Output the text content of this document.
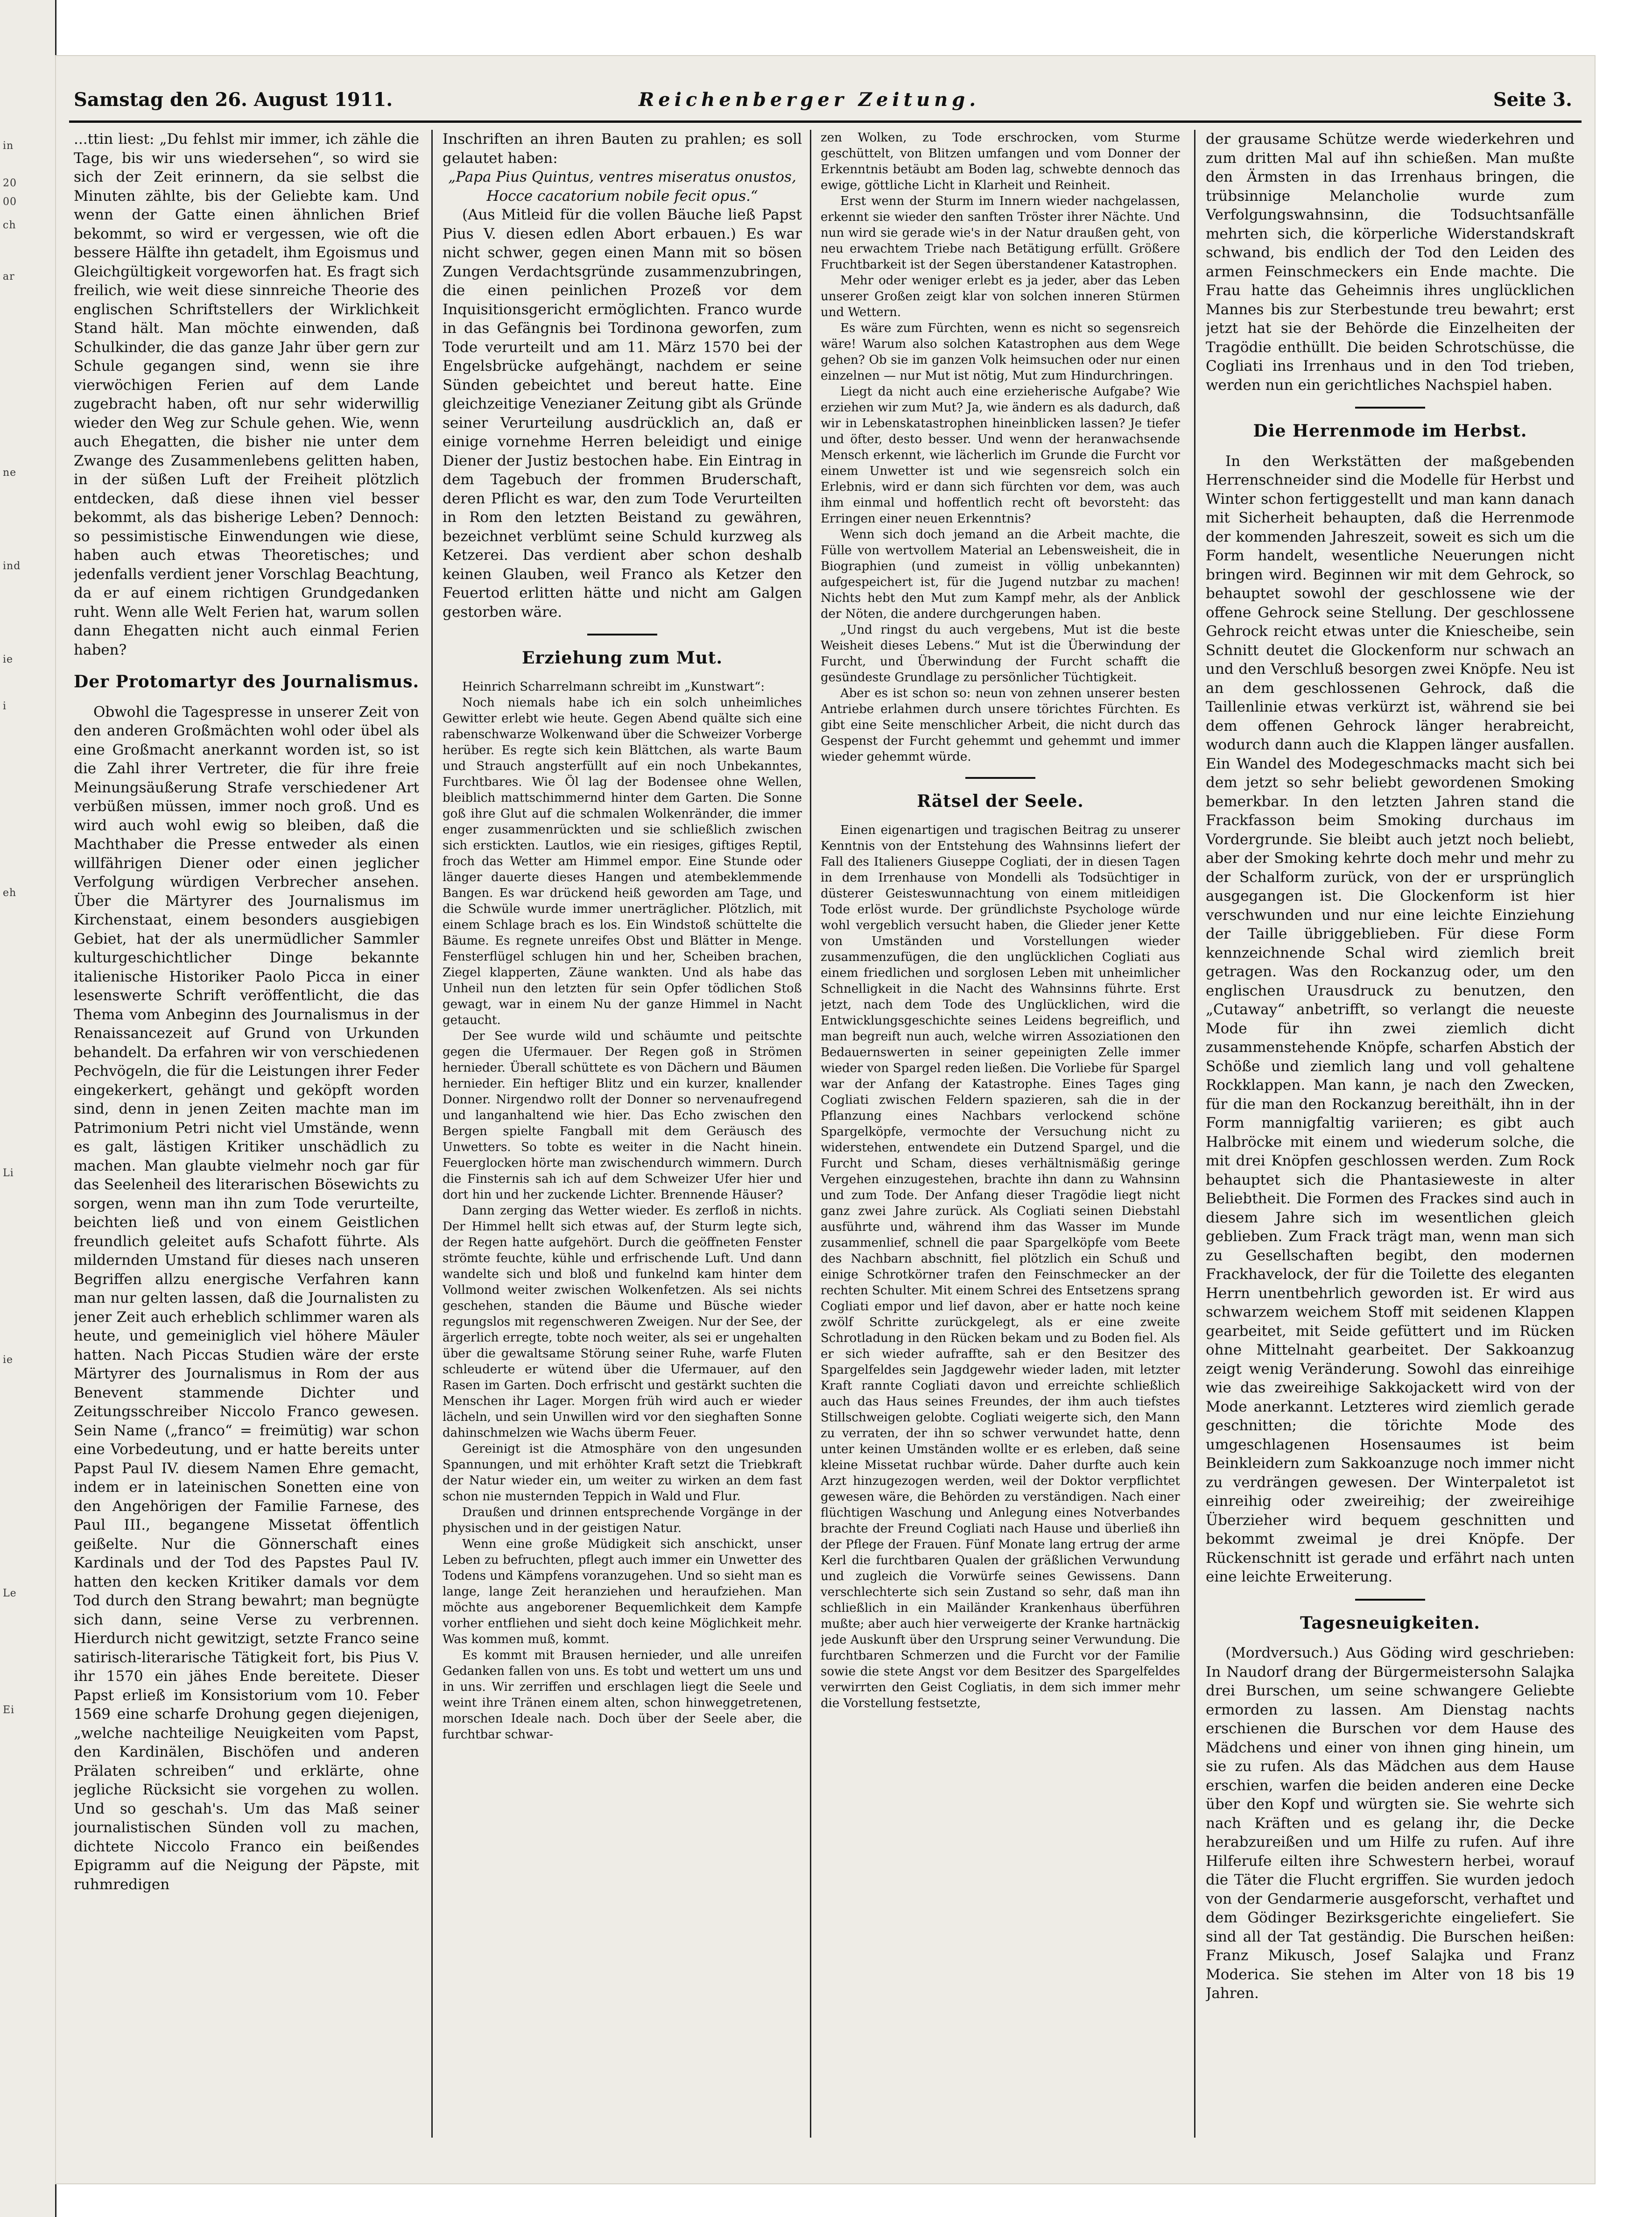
in
20
00
ch
ar
ne
ind
ie
i
eh
Li
ie
Le
Ei
Samstag den 26. August 1911.	Reichenberger Zeitung.	Seite 3.

...ttin liest: „Du fehlst mir immer, ich zähle die Tage, bis wir uns wiedersehen“, so wird sie sich der Zeit erinnern, da sie selbst die Minuten zählte, bis der Geliebte kam. Und wenn der Gatte einen ähnlichen Brief bekommt, so wird er vergessen, wie oft die bessere Hälfte ihn getadelt, ihm Egoismus und Gleichgültigkeit vorgeworfen hat. Es fragt sich freilich, wie weit diese sinnreiche Theorie des englischen Schriftstellers der Wirklichkeit Stand hält. Man möchte einwenden, daß Schulkinder, die das ganze Jahr über gern zur Schule gegangen sind, wenn sie ihre vierwöchigen Ferien auf dem Lande zugebracht haben, oft nur sehr widerwillig wieder den Weg zur Schule gehen. Wie, wenn auch Ehegatten, die bisher nie unter dem Zwange des Zusammenlebens gelitten haben, in der süßen Luft der Freiheit plötzlich entdecken, daß diese ihnen viel besser bekommt, als das bisherige Leben? Dennoch: so pessimistische Einwendungen wie diese, haben auch etwas Theoretisches; und jedenfalls verdient jener Vorschlag Beachtung, da er auf einem richtigen Grundgedanken ruht. Wenn alle Welt Ferien hat, warum sollen dann Ehegatten nicht auch einmal Ferien haben?

Der Protomartyr des Journalismus.

Obwohl die Tagespresse in unserer Zeit von den anderen Großmächten wohl oder übel als eine Großmacht anerkannt worden ist, so ist die Zahl ihrer Vertreter, die für ihre freie Meinungsäußerung Strafe verschiedener Art verbüßen müssen, immer noch groß. Und es wird auch wohl ewig so bleiben, daß die Machthaber die Presse entweder als einen willfährigen Diener oder einen jeglicher Verfolgung würdigen Verbrecher ansehen. Über die Märtyrer des Journalismus im Kirchenstaat, einem besonders ausgiebigen Gebiet, hat der als unermüdlicher Sammler kulturgeschichtlicher Dinge bekannte italienische Historiker Paolo Picca in einer lesenswerte Schrift veröffentlicht, die das Thema vom Anbeginn des Journalismus in der Renaissancezeit auf Grund von Urkunden behandelt. Da erfahren wir von verschiedenen Pechvögeln, die für die Leistungen ihrer Feder eingekerkert, gehängt und geköpft worden sind, denn in jenen Zeiten machte man im Patrimonium Petri nicht viel Umstände, wenn es galt, lästigen Kritiker unschädlich zu machen. Man glaubte vielmehr noch gar für das Seelenheil des literarischen Bösewichts zu sorgen, wenn man ihn zum Tode verurteilte, beichten ließ und von einem Geistlichen freundlich geleitet aufs Schafott führte. Als mildernden Umstand für dieses nach unseren Begriffen allzu energische Verfahren kann man nur gelten lassen, daß die Journalisten zu jener Zeit auch erheblich schlimmer waren als heute, und gemeiniglich viel höhere Mäuler hatten. Nach Piccas Studien wäre der erste Märtyrer des Journalismus in Rom der aus Benevent stammende Dichter und Zeitungsschreiber Niccolo Franco gewesen. Sein Name („franco“ = freimütig) war schon eine Vorbedeutung, und er hatte bereits unter Papst Paul IV. diesem Namen Ehre gemacht, indem er in lateinischen Sonetten eine von den Angehörigen der Familie Farnese, des Paul III., begangene Missetat öffentlich geißelte. Nur die Gönnerschaft eines Kardinals und der Tod des Papstes Paul IV. hatten den kecken Kritiker damals vor dem Tod durch den Strang bewahrt; man begnügte sich dann, seine Verse zu verbrennen. Hierdurch nicht gewitzigt, setzte Franco seine satirisch-literarische Tätigkeit fort, bis Pius V. ihr 1570 ein jähes Ende bereitete. Dieser Papst erließ im Konsistorium vom 10. Feber 1569 eine scharfe Drohung gegen diejenigen, „welche nachteilige Neuigkeiten vom Papst, den Kardinälen, Bischöfen und anderen Prälaten schreiben“ und erklärte, ohne jegliche Rücksicht sie vorgehen zu wollen. Und so geschah's. Um das Maß seiner journalistischen Sünden voll zu machen, dichtete Niccolo Franco ein beißendes Epigramm auf die Neigung der Päpste, mit ruhmredigen

Inschriften an ihren Bauten zu prahlen; es soll gelautet haben:

„Papa Pius Quintus, ventres miseratus onustos,

Hocce cacatorium nobile fecit opus.“

(Aus Mitleid für die vollen Bäuche ließ Papst Pius V. diesen edlen Abort erbauen.) Es war nicht schwer, gegen einen Mann mit so bösen Zungen Verdachtsgründe zusammenzubringen, die einen peinlichen Prozeß vor dem Inquisitionsgericht ermöglichten. Franco wurde in das Gefängnis bei Tordinona geworfen, zum Tode verurteilt und am 11. März 1570 bei der Engelsbrücke aufgehängt, nachdem er seine Sünden gebeichtet und bereut hatte. Eine gleichzeitige Venezianer Zeitung gibt als Gründe seiner Verurteilung ausdrücklich an, daß er einige vornehme Herren beleidigt und einige Diener der Justiz bestochen habe. Ein Eintrag in dem Tagebuch der frommen Bruderschaft, deren Pflicht es war, den zum Tode Verurteilten in Rom den letzten Beistand zu gewähren, bezeichnet verblümt seine Schuld kurzweg als Ketzerei. Das verdient aber schon deshalb keinen Glauben, weil Franco als Ketzer den Feuertod erlitten hätte und nicht am Galgen gestorben wäre.

Erziehung zum Mut.

Heinrich Scharrelmann schreibt im „Kunstwart“:

Noch niemals habe ich ein solch unheimliches Gewitter erlebt wie heute. Gegen Abend quälte sich eine rabenschwarze Wolkenwand über die Schweizer Vorberge herüber. Es regte sich kein Blättchen, als warte Baum und Strauch angsterfüllt auf ein noch Unbekanntes, Furchtbares. Wie Öl lag der Bodensee ohne Wellen, bleiblich mattschimmernd hinter dem Garten. Die Sonne goß ihre Glut auf die schmalen Wolkenränder, die immer enger zusammenrückten und sie schließlich zwischen sich erstickten. Lautlos, wie ein riesiges, giftiges Reptil, froch das Wetter am Himmel empor. Eine Stunde oder länger dauerte dieses Hangen und atembeklemmende Bangen. Es war drückend heiß geworden am Tage, und die Schwüle wurde immer unerträglicher. Plötzlich, mit einem Schlage brach es los. Ein Windstoß schüttelte die Bäume. Es regnete unreifes Obst und Blätter in Menge. Fensterflügel schlugen hin und her, Scheiben brachen, Ziegel klapperten, Zäune wankten. Und als habe das Unheil nun den letzten für sein Opfer tödlichen Stoß gewagt, war in einem Nu der ganze Himmel in Nacht getaucht.

Der See wurde wild und schäumte und peitschte gegen die Ufermauer. Der Regen goß in Strömen hernieder. Überall schüttete es von Dächern und Bäumen hernieder. Ein heftiger Blitz und ein kurzer, knallender Donner. Nirgendwo rollt der Donner so nervenaufregend und langanhaltend wie hier. Das Echo zwischen den Bergen spielte Fangball mit dem Geräusch des Unwetters. So tobte es weiter in die Nacht hinein. Feuerglocken hörte man zwischendurch wimmern. Durch die Finsternis sah ich auf dem Schweizer Ufer hier und dort hin und her zuckende Lichter. Brennende Häuser?

Dann zerging das Wetter wieder. Es zerfloß in nichts. Der Himmel hellt sich etwas auf, der Sturm legte sich, der Regen hatte aufgehört. Durch die geöffneten Fenster strömte feuchte, kühle und erfrischende Luft. Und dann wandelte sich und bloß und funkelnd kam hinter dem Vollmond weiter zwischen Wolkenfetzen. Als sei nichts geschehen, standen die Bäume und Büsche wieder regungslos mit regenschweren Zweigen. Nur der See, der ärgerlich erregte, tobte noch weiter, als sei er ungehalten über die gewaltsame Störung seiner Ruhe, warfe Fluten schleuderte er wütend über die Ufermauer, auf den Rasen im Garten. Doch erfrischt und gestärkt suchten die Menschen ihr Lager. Morgen früh wird auch er wieder lächeln, und sein Unwillen wird vor den sieghaften Sonne dahinschmelzen wie Wachs überm Feuer.

Gereinigt ist die Atmosphäre von den ungesunden Spannungen, und mit erhöhter Kraft setzt die Triebkraft der Natur wieder ein, um weiter zu wirken an dem fast schon nie musternden Teppich in Wald und Flur.

Draußen und drinnen entsprechende Vorgänge in der physischen und in der geistigen Natur.

Wenn eine große Müdigkeit sich anschickt, unser Leben zu befruchten, pflegt auch immer ein Unwetter des Todens und Kämpfens voranzugehen. Und so sieht man es lange, lange Zeit heranziehen und heraufziehen. Man möchte aus angeborener Bequemlichkeit dem Kampfe vorher entfliehen und sieht doch keine Möglichkeit mehr. Was kommen muß, kommt.

Es kommt mit Brausen hernieder, und alle unreifen Gedanken fallen von uns. Es tobt und wettert um uns und in uns. Wir zerriffen und erschlagen liegt die Seele und weint ihre Tränen einem alten, schon hinweggetretenen, morschen Ideale nach. Doch über der Seele aber, die furchtbar schwar-

zen Wolken, zu Tode erschrocken, vom Sturme geschüttelt, von Blitzen umfangen und vom Donner der Erkenntnis betäubt am Boden lag, schwebte dennoch das ewige, göttliche Licht in Klarheit und Reinheit.

Erst wenn der Sturm im Innern wieder nachgelassen, erkennt sie wieder den sanften Tröster ihrer Nächte. Und nun wird sie gerade wie's in der Natur draußen geht, von neu erwachtem Triebe nach Betätigung erfüllt. Größere Fruchtbarkeit ist der Segen überstandener Katastrophen.

Mehr oder weniger erlebt es ja jeder, aber das Leben unserer Großen zeigt klar von solchen inneren Stürmen und Wettern.

Es wäre zum Fürchten, wenn es nicht so segensreich wäre! Warum also solchen Katastrophen aus dem Wege gehen? Ob sie im ganzen Volk heimsuchen oder nur einen einzelnen — nur Mut ist nötig, Mut zum Hindurchringen.

Liegt da nicht auch eine erzieherische Aufgabe? Wie erziehen wir zum Mut? Ja, wie ändern es als dadurch, daß wir in Lebenskatastrophen hineinblicken lassen? Je tiefer und öfter, desto besser. Und wenn der heranwachsende Mensch erkennt, wie lächerlich im Grunde die Furcht vor einem Unwetter ist und wie segensreich solch ein Erlebnis, wird er dann sich fürchten vor dem, was auch ihm einmal und hoffentlich recht oft bevorsteht: das Erringen einer neuen Erkenntnis?

Wenn sich doch jemand an die Arbeit machte, die Fülle von wertvollem Material an Lebensweisheit, die in Biographien (und zumeist in völlig unbekannten) aufgespeichert ist, für die Jugend nutzbar zu machen! Nichts hebt den Mut zum Kampf mehr, als der Anblick der Nöten, die andere durchgerungen haben.

„Und ringst du auch vergebens, Mut ist die beste Weisheit dieses Lebens.“ Mut ist die Überwindung der Furcht, und Überwindung der Furcht schafft die gesündeste Grundlage zu persönlicher Tüchtigkeit.

Aber es ist schon so: neun von zehnen unserer besten Antriebe erlahmen durch unsere törichtes Fürchten. Es gibt eine Seite menschlicher Arbeit, die nicht durch das Gespenst der Furcht gehemmt und gehemmt und immer wieder gehemmt würde.

Rätsel der Seele.

Einen eigenartigen und tragischen Beitrag zu unserer Kenntnis von der Entstehung des Wahnsinns liefert der Fall des Italieners Giuseppe Cogliati, der in diesen Tagen in dem Irrenhause von Mondelli als Todsüchtiger in düsterer Geisteswunnachtung von einem mitleidigen Tode erlöst wurde. Der gründlichste Psychologe würde wohl vergeblich versucht haben, die Glieder jener Kette von Umständen und Vorstellungen wieder zusammenzufügen, die den unglücklichen Cogliati aus einem friedlichen und sorglosen Leben mit unheimlicher Schnelligkeit in die Nacht des Wahnsinns führte. Erst jetzt, nach dem Tode des Unglücklichen, wird die Entwicklungsgeschichte seines Leidens begreiflich, und man begreift nun auch, welche wirren Assoziationen den Bedauernswerten in seiner gepeinigten Zelle immer wieder von Spargel reden ließen. Die Vorliebe für Spargel war der Anfang der Katastrophe. Eines Tages ging Cogliati zwischen Feldern spazieren, sah die in der Pflanzung eines Nachbars verlockend schöne Spargelköpfe, vermochte der Versuchung nicht zu widerstehen, entwendete ein Dutzend Spargel, und die Furcht und Scham, dieses verhältnismäßig geringe Vergehen einzugestehen, brachte ihn dann zu Wahnsinn und zum Tode. Der Anfang dieser Tragödie liegt nicht ganz zwei Jahre zurück. Als Cogliati seinen Diebstahl ausführte und, während ihm das Wasser im Munde zusammenlief, schnell die paar Spargelköpfe vom Beete des Nachbarn abschnitt, fiel plötzlich ein Schuß und einige Schrotkörner trafen den Feinschmecker an der rechten Schulter. Mit einem Schrei des Entsetzens sprang Cogliati empor und lief davon, aber er hatte noch keine zwölf Schritte zurückgelegt, als er eine zweite Schrotladung in den Rücken bekam und zu Boden fiel. Als er sich wieder aufraffte, sah er den Besitzer des Spargelfeldes sein Jagdgewehr wieder laden, mit letzter Kraft rannte Cogliati davon und erreichte schließlich auch das Haus seines Freundes, der ihm auch tiefstes Stillschweigen gelobte. Cogliati weigerte sich, den Mann zu verraten, der ihn so schwer verwundet hatte, denn unter keinen Umständen wollte er es erleben, daß seine kleine Missetat ruchbar würde. Daher durfte auch kein Arzt hinzugezogen werden, weil der Doktor verpflichtet gewesen wäre, die Behörden zu verständigen. Nach einer flüchtigen Waschung und Anlegung eines Notverbandes brachte der Freund Cogliati nach Hause und überließ ihn der Pflege der Frauen. Fünf Monate lang ertrug der arme Kerl die furchtbaren Qualen der gräßlichen Verwundung und zugleich die Vorwürfe seines Gewissens. Dann verschlechterte sich sein Zustand so sehr, daß man ihn schließlich in ein Mailänder Krankenhaus überführen mußte; aber auch hier verweigerte der Kranke hartnäckig jede Auskunft über den Ursprung seiner Verwundung. Die furchtbaren Schmerzen und die Furcht vor der Familie sowie die stete Angst vor dem Besitzer des Spargelfeldes verwirrten den Geist Cogliatis, in dem sich immer mehr die Vorstellung festsetzte,

der grausame Schütze werde wiederkehren und zum dritten Mal auf ihn schießen. Man mußte den Ärmsten in das Irrenhaus bringen, die trübsinnige Melancholie wurde zum Verfolgungswahnsinn, die Todsuchtsanfälle mehrten sich, die körperliche Widerstandskraft schwand, bis endlich der Tod den Leiden des armen Feinschmeckers ein Ende machte. Die Frau hatte das Geheimnis ihres unglücklichen Mannes bis zur Sterbestunde treu bewahrt; erst jetzt hat sie der Behörde die Einzelheiten der Tragödie enthüllt. Die beiden Schrotschüsse, die Cogliati ins Irrenhaus und in den Tod trieben, werden nun ein gerichtliches Nachspiel haben.

Die Herrenmode im Herbst.

In den Werkstätten der maßgebenden Herrenschneider sind die Modelle für Herbst und Winter schon fertiggestellt und man kann danach mit Sicherheit behaupten, daß die Herrenmode der kommenden Jahreszeit, soweit es sich um die Form handelt, wesentliche Neuerungen nicht bringen wird. Beginnen wir mit dem Gehrock, so behauptet sowohl der geschlossene wie der offene Gehrock seine Stellung. Der geschlossene Gehrock reicht etwas unter die Kniescheibe, sein Schnitt deutet die Glockenform nur schwach an und den Verschluß besorgen zwei Knöpfe. Neu ist an dem geschlossenen Gehrock, daß die Taillenlinie etwas verkürzt ist, während sie bei dem offenen Gehrock länger herabreicht, wodurch dann auch die Klappen länger ausfallen. Ein Wandel des Modegeschmacks macht sich bei dem jetzt so sehr beliebt gewordenen Smoking bemerkbar. In den letzten Jahren stand die Frackfasson beim Smoking durchaus im Vordergrunde. Sie bleibt auch jetzt noch beliebt, aber der Smoking kehrte doch mehr und mehr zu der Schalform zurück, von der er ursprünglich ausgegangen ist. Die Glockenform ist hier verschwunden und nur eine leichte Einziehung der Taille übriggeblieben. Für diese Form kennzeichnende Schal wird ziemlich breit getragen. Was den Rockanzug oder, um den englischen Urausdruck zu benutzen, den „Cutaway“ anbetrifft, so verlangt die neueste Mode für ihn zwei ziemlich dicht zusammenstehende Knöpfe, scharfen Abstich der Schöße und ziemlich lang und voll gehaltene Rockklappen. Man kann, je nach den Zwecken, für die man den Rockanzug bereithält, ihn in der Form mannigfaltig variieren; es gibt auch Halbröcke mit einem und wiederum solche, die mit drei Knöpfen geschlossen werden. Zum Rock behauptet sich die Phantasieweste in alter Beliebtheit. Die Formen des Frackes sind auch in diesem Jahre sich im wesentlichen gleich geblieben. Zum Frack trägt man, wenn man sich zu Gesellschaften begibt, den modernen Frackhavelock, der für die Toilette des eleganten Herrn unentbehrlich geworden ist. Er wird aus schwarzem weichem Stoff mit seidenen Klappen gearbeitet, mit Seide gefüttert und im Rücken ohne Mittelnaht gearbeitet. Der Sakkoanzug zeigt wenig Veränderung. Sowohl das einreihige wie das zweireihige Sakkojackett wird von der Mode anerkannt. Letzteres wird ziemlich gerade geschnitten; die törichte Mode des umgeschlagenen Hosensaumes ist beim Beinkleidern zum Sakkoanzuge noch immer nicht zu verdrängen gewesen. Der Winterpaletot ist einreihig oder zweireihig; der zweireihige Überzieher wird bequem geschnitten und bekommt zweimal je drei Knöpfe. Der Rückenschnitt ist gerade und erfährt nach unten eine leichte Erweiterung.

Tagesneuigkeiten.

(Mordversuch.) Aus Göding wird geschrieben: In Naudorf drang der Bürgermeistersohn Salajka drei Burschen, um seine schwangere Geliebte ermorden zu lassen. Am Dienstag nachts erschienen die Burschen vor dem Hause des Mädchens und einer von ihnen ging hinein, um sie zu rufen. Als das Mädchen aus dem Hause erschien, warfen die beiden anderen eine Decke über den Kopf und würgten sie. Sie wehrte sich nach Kräften und es gelang ihr, die Decke herabzureißen und um Hilfe zu rufen. Auf ihre Hilferufe eilten ihre Schwestern herbei, worauf die Täter die Flucht ergriffen. Sie wurden jedoch von der Gendarmerie ausgeforscht, verhaftet und dem Gödinger Bezirksgerichte eingeliefert. Sie sind all der Tat geständig. Die Burschen heißen: Franz Mikusch, Josef Salajka und Franz Moderica. Sie stehen im Alter von 18 bis 19 Jahren.
